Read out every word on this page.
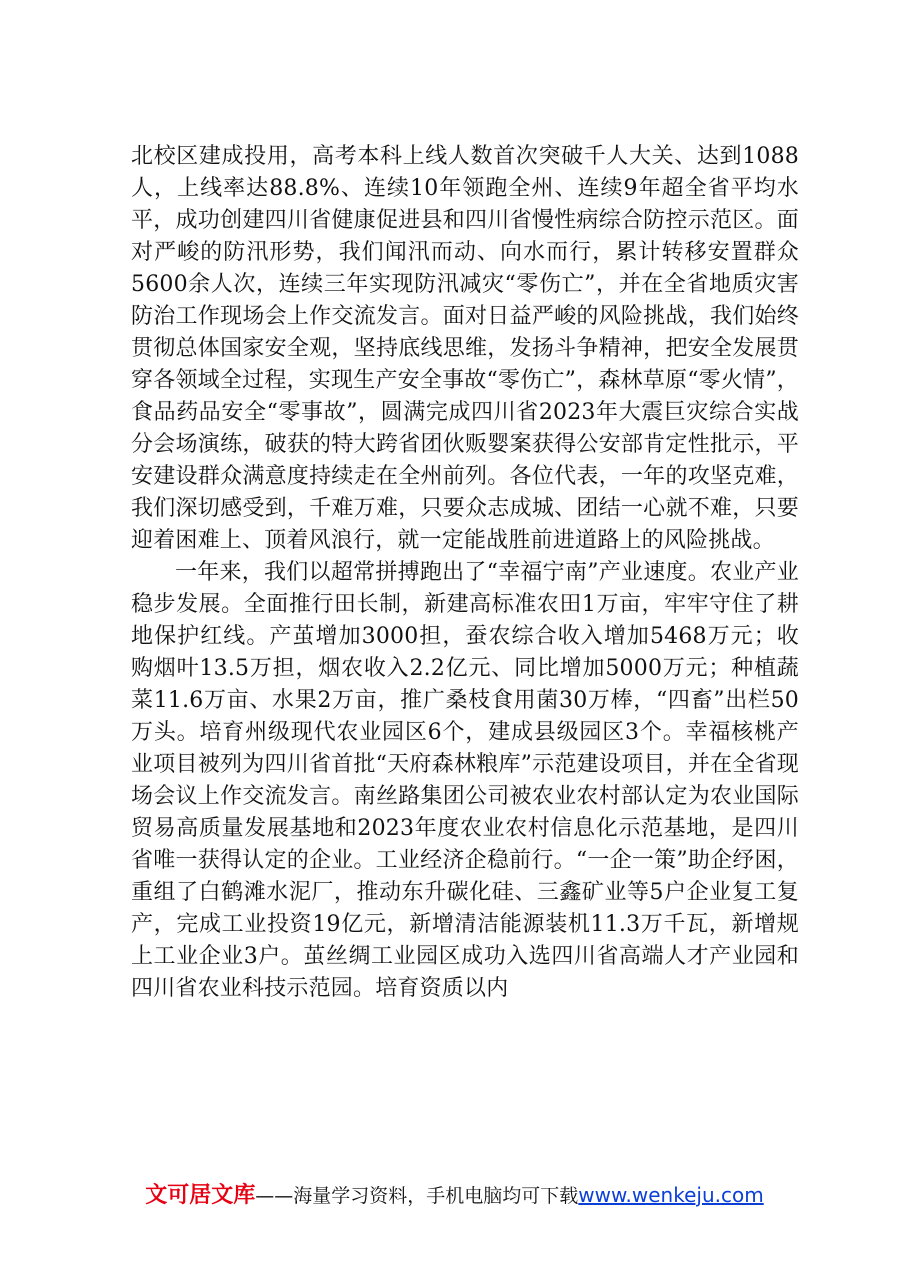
北校区建成投用，高考本科上线人数首次突破千人大关、达到1088人，上线率达88.8%、连续10年领跑全州、连续9年超全省平均水平，成功创建四川省健康促进县和四川省慢性病综合防控示范区。面对严峻的防汛形势，我们闻汛而动、向水而行，累计转移安置群众5600余人次，连续三年实现防汛减灾“零伤亡”，并在全省地质灾害防治工作现场会上作交流发言。面对日益严峻的风险挑战，我们始终贯彻总体国家安全观，坚持底线思维，发扬斗争精神，把安全发展贯穿各领域全过程，实现生产安全事故“零伤亡”，森林草原“零火情”，食品药品安全“零事故”，圆满完成四川省2023年大震巨灾综合实战分会场演练，破获的特大跨省团伙贩婴案获得公安部肯定性批示，平安建设群众满意度持续走在全州前列。各位代表，一年的攻坚克难，我们深切感受到，千难万难，只要众志成城、团结一心就不难，只要迎着困难上、顶着风浪行，就一定能战胜前进道路上的风险挑战。

一年来，我们以超常拼搏跑出了“幸福宁南”产业速度。农业产业稳步发展。全面推行田长制，新建高标准农田1万亩，牢牢守住了耕地保护红线。产茧增加3000担，蚕农综合收入增加5468万元；收购烟叶13.5万担，烟农收入2.2亿元、同比增加5000万元；种植蔬菜11.6万亩、水果2万亩，推广桑枝食用菌30万棒，“四畜”出栏50万头。培育州级现代农业园区6个，建成县级园区3个。幸福核桃产业项目被列为四川省首批“天府森林粮库”示范建设项目，并在全省现场会议上作交流发言。南丝路集团公司被农业农村部认定为农业国际贸易高质量发展基地和2023年度农业农村信息化示范基地，是四川省唯一获得认定的企业。工业经济企稳前行。“一企一策”助企纾困，重组了白鹤滩水泥厂，推动东升碳化硅、三鑫矿业等5户企业复工复产，完成工业投资19亿元，新增清洁能源装机11.3万千瓦，新增规上工业企业3户。茧丝绸工业园区成功入选四川省高端人才产业园和四川省农业科技示范园。培育资质以内

文可居文库——海量学习资料，手机电脑均可下载www.wenkeju.com
